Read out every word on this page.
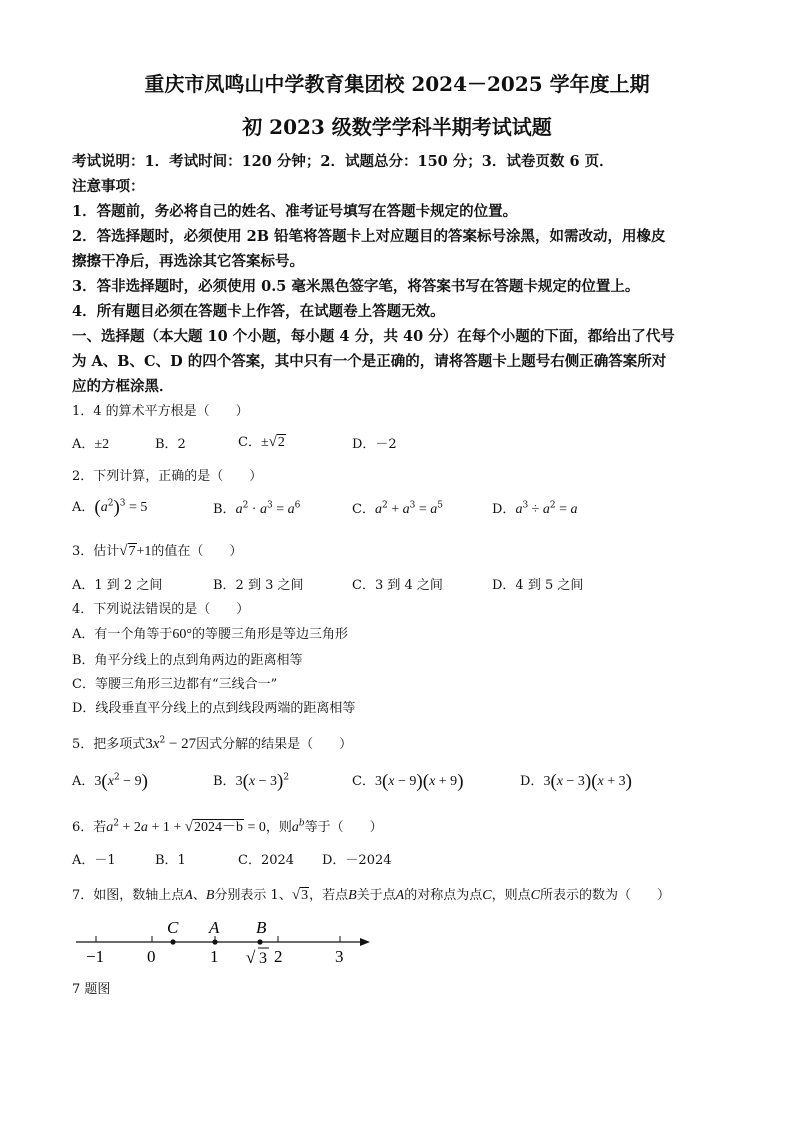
重庆市凤鸣山中学教育集团校 2024－2025 学年度上期
初 2023 级数学学科半期考试试题
考试说明：1．考试时间：120 分钟；2．试题总分：150 分；3．试卷页数 6 页．
注意事项：
1．答题前，务必将自己的姓名、准考证号填写在答题卡规定的位置。
2．答选择题时，必须使用 2B 铅笔将答题卡上对应题目的答案标号涂黑，如需改动，用橡皮
擦擦干净后，再选涂其它答案标号。
3．答非选择题时，必须使用 0.5 毫米黑色签字笔，将答案书写在答题卡规定的位置上。
4．所有题目必须在答题卡上作答，在试题卷上答题无效。
一、选择题（本大题 10 个小题，每小题 4 分，共 40 分）在每个小题的下面，都给出了代号
为 A、B、C、D 的四个答案，其中只有一个是正确的，请将答题卡上题号右侧正确答案所对
应的方框涂黑．
1．4 的算术平方根是（　　）
A．±2	B．2	C．±√2	D．－2
2．下列计算，正确的是（　　）
A．$(a^2)^3 = 5$	B．$a^2 \cdot a^3 = a^6$	C．$a^2 + a^3 = a^5$	D．$a^3 \div a^2 = a$
3．估计√7+1的值在（　　）
A．1 到 2 之间	B．2 到 3 之间	C．3 到 4 之间	D．4 到 5 之间
4．下列说法错误的是（　　）
A．有一个角等于60°的等腰三角形是等边三角形
B．角平分线上的点到角两边的距离相等
C．等腰三角形三边都有“三线合一”
D．线段垂直平分线上的点到线段两端的距离相等
5．把多项式$3x^2 - 27$因式分解的结果是（　　）
A．$3(x^2 - 9)$	B．$3(x - 3)^2$	C．3(x − 9)(x + 9)	D．3(x − 3)(x + 3)
6．若$a^2 + 2a + 1 + √2024-b = 0$，则$a^b$等于（　　）
A．－1	B．1	C．2024 D．－2024
7．如图，数轴上点A、B分别表示 1、√3，若点B关于点A的对称点为点C，则点C所表示的数为（　　）
C A B
−1	0	1	2	3
√ 3
7 题图
